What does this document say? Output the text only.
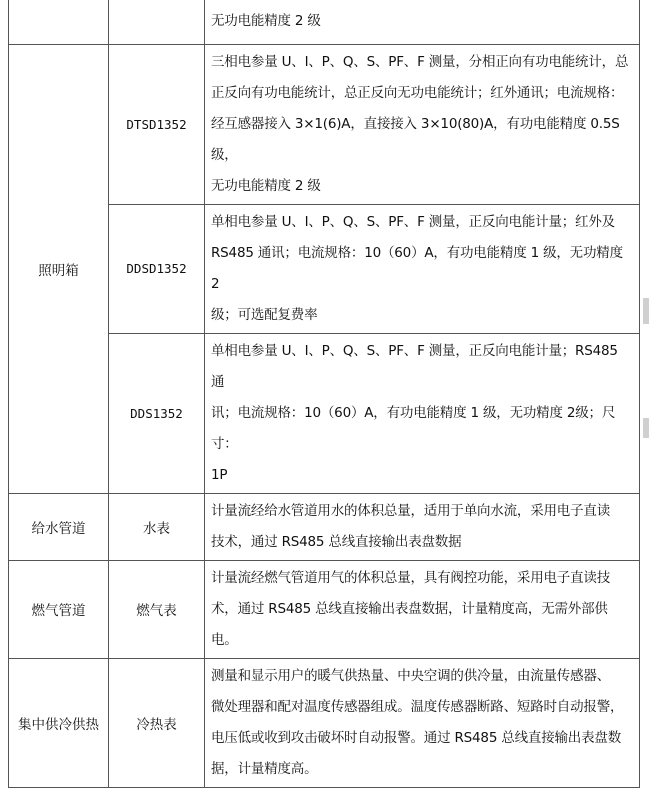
		无功电能精度 2 级
照明箱	DTSD1352	三相电参量 U、I、P、Q、S、PF、F 测量，分相正向有功电能统计，总
正反向有功电能统计，总正反向无功电能统计；红外通讯；电流规格：
经互感器接入 3×1(6)A，直接接入 3×10(80)A，有功电能精度 0.5S级，
无功电能精度 2 级

	DDSD1352	单相电参量 U、I、P、Q、S、PF、F 测量，正反向电能计量；红外及
RS485 通讯；电流规格：10（60）A，有功电能精度 1 级，无功精度 2
级；可选配复费率

	DDS1352	单相电参量 U、I、P、Q、S、PF、F 测量，正反向电能计量；RS485 通
讯；电流规格：10（60）A，有功电能精度 1 级，无功精度 2级；尺寸：
1P

给水管道	水表	计量流经给水管道用水的体积总量，适用于单向水流，采用电子直读
技术，通过 RS485 总线直接输出表盘数据

燃气管道	燃气表	计量流经燃气管道用气的体积总量，具有阀控功能，采用电子直读技
术，通过 RS485 总线直接输出表盘数据，计量精度高，无需外部供电。

集中供冷供热	冷热表	测量和显示用户的暖气供热量、中央空调的供冷量，由流量传感器、
微处理器和配对温度传感器组成。温度传感器断路、短路时自动报警，
电压低或收到攻击破坏时自动报警。通过 RS485 总线直接输出表盘数
据，计量精度高。
